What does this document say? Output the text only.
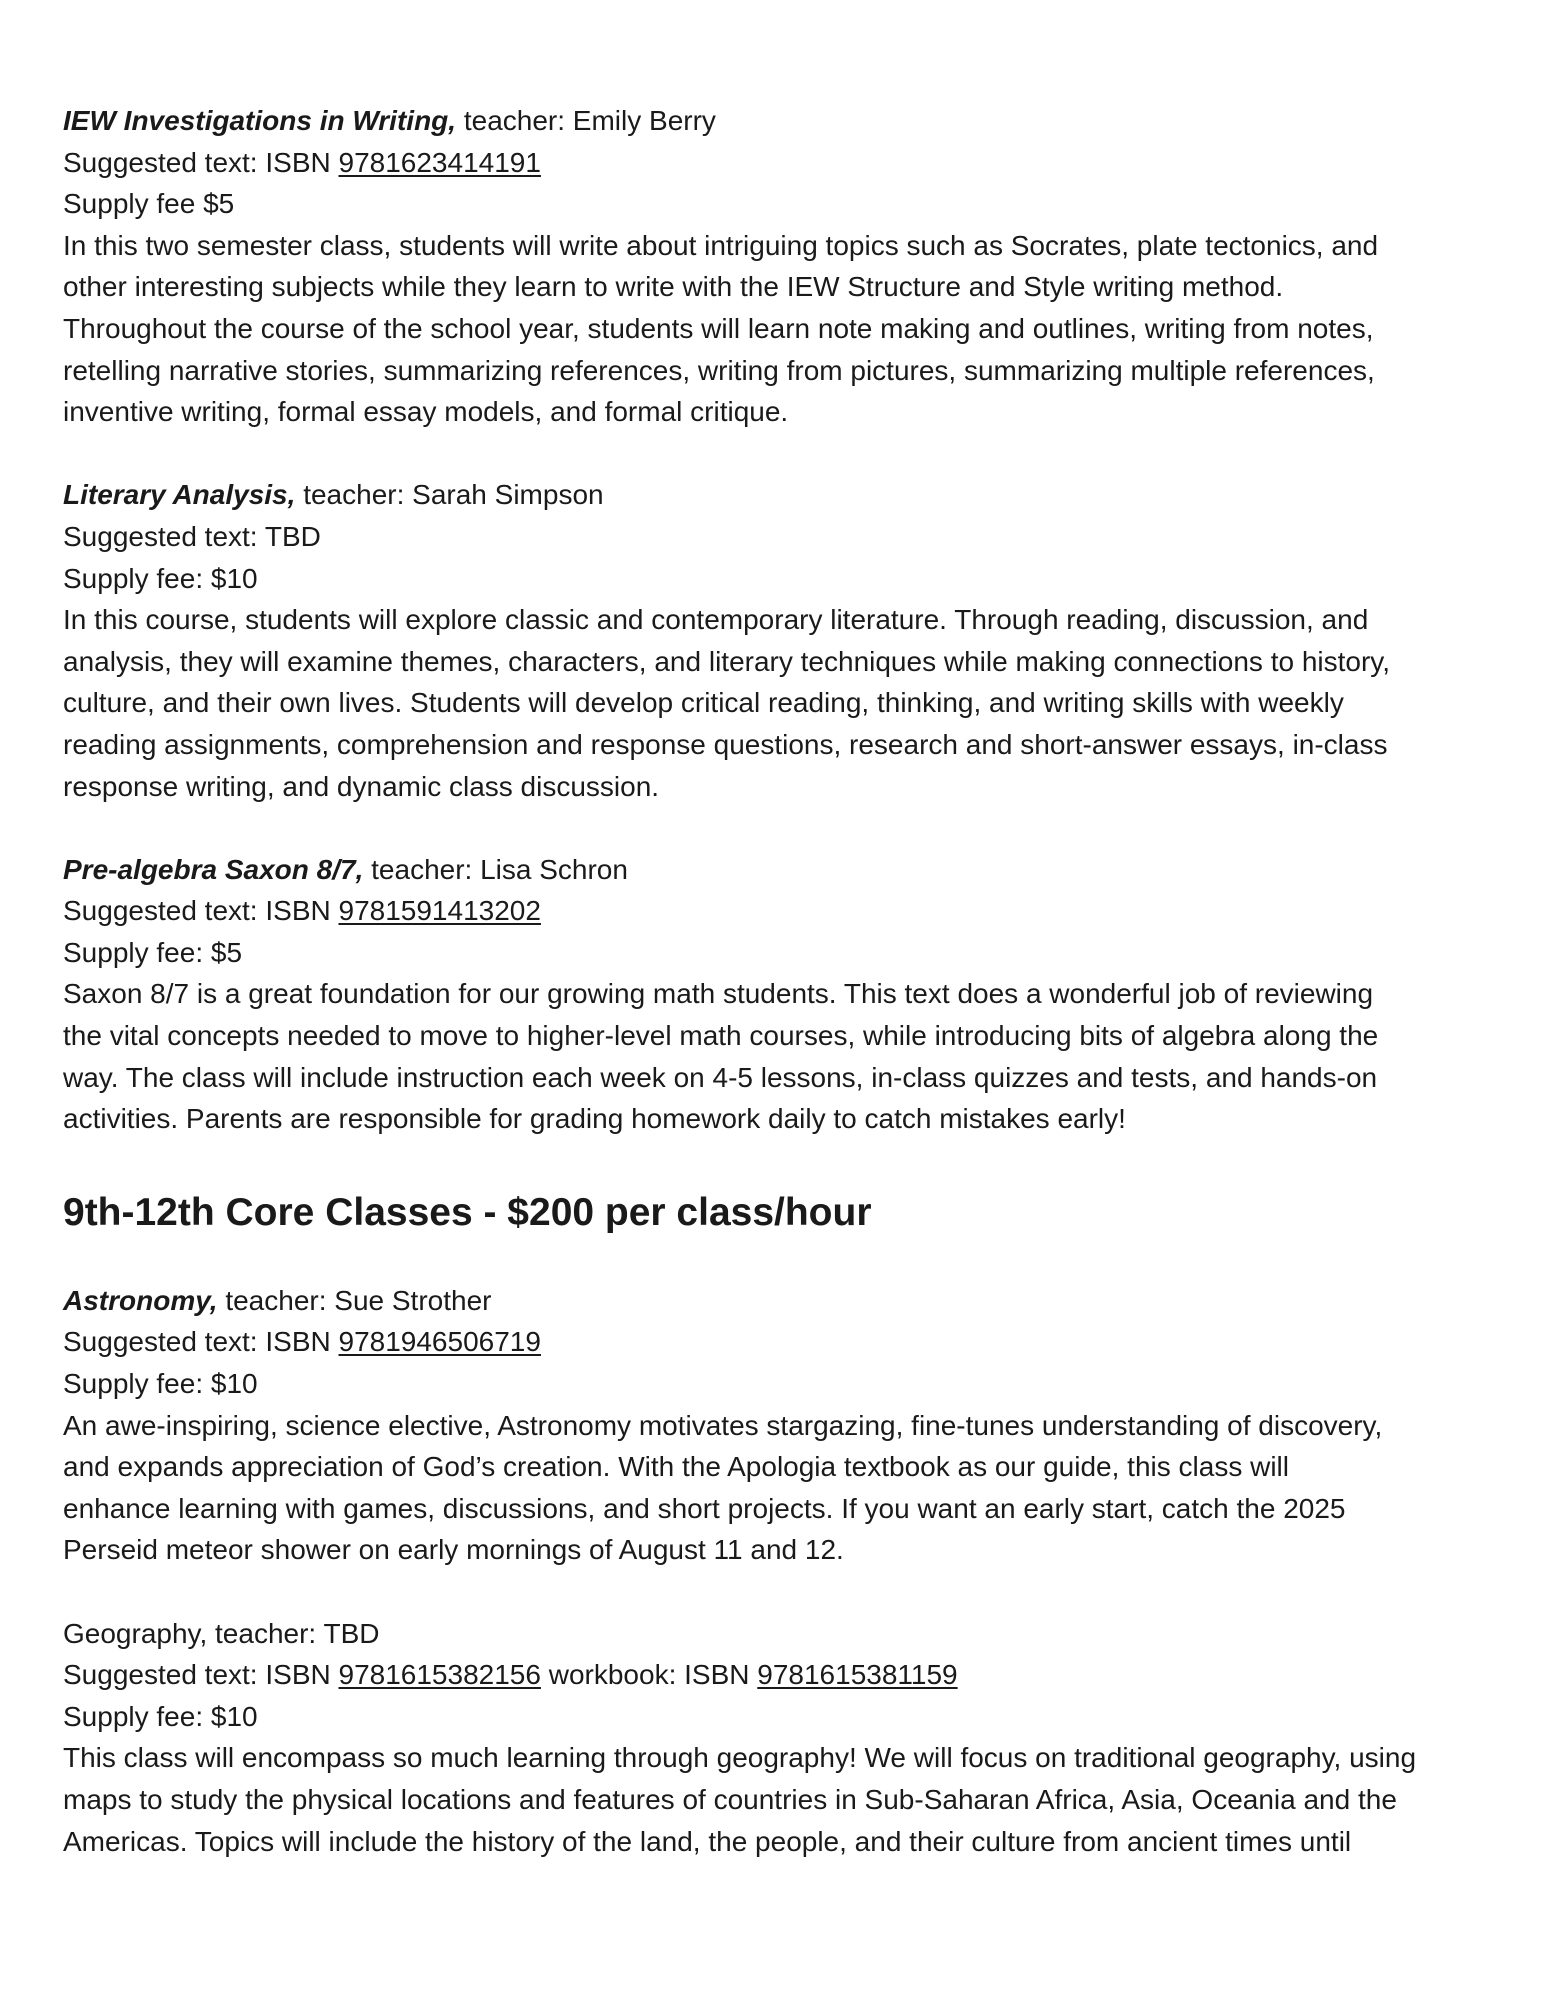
IEW Investigations in Writing, teacher: Emily Berry
Suggested text: ISBN 9781623414191
Supply fee $5
In this two semester class, students will write about intriguing topics such as Socrates, plate tectonics, and
other interesting subjects while they learn to write with the IEW Structure and Style writing method.
Throughout the course of the school year, students will learn note making and outlines, writing from notes,
retelling narrative stories, summarizing references, writing from pictures, summarizing multiple references,
inventive writing, formal essay models, and formal critique.
Literary Analysis, teacher: Sarah Simpson
Suggested text: TBD
Supply fee: $10
In this course, students will explore classic and contemporary literature. Through reading, discussion, and
analysis, they will examine themes, characters, and literary techniques while making connections to history,
culture, and their own lives. Students will develop critical reading, thinking, and writing skills with weekly
reading assignments, comprehension and response questions, research and short-answer essays, in-class
response writing, and dynamic class discussion.
Pre-algebra Saxon 8/7, teacher: Lisa Schron
Suggested text: ISBN 9781591413202
Supply fee: $5
Saxon 8/7 is a great foundation for our growing math students. This text does a wonderful job of reviewing
the vital concepts needed to move to higher-level math courses, while introducing bits of algebra along the
way. The class will include instruction each week on 4-5 lessons, in-class quizzes and tests, and hands-on
activities. Parents are responsible for grading homework daily to catch mistakes early!
9th-12th Core Classes - $200 per class/hour
Astronomy, teacher: Sue Strother
Suggested text: ISBN 9781946506719
Supply fee: $10
An awe-inspiring, science elective, Astronomy motivates stargazing, fine-tunes understanding of discovery,
and expands appreciation of God’s creation. With the Apologia textbook as our guide, this class will
enhance learning with games, discussions, and short projects. If you want an early start, catch the 2025
Perseid meteor shower on early mornings of August 11 and 12.
Geography, teacher: TBD
Suggested text: ISBN 9781615382156 workbook: ISBN 9781615381159
Supply fee: $10
This class will encompass so much learning through geography! We will focus on traditional geography, using
maps to study the physical locations and features of countries in Sub-Saharan Africa, Asia, Oceania and the
Americas. Topics will include the history of the land, the people, and their culture from ancient times until
